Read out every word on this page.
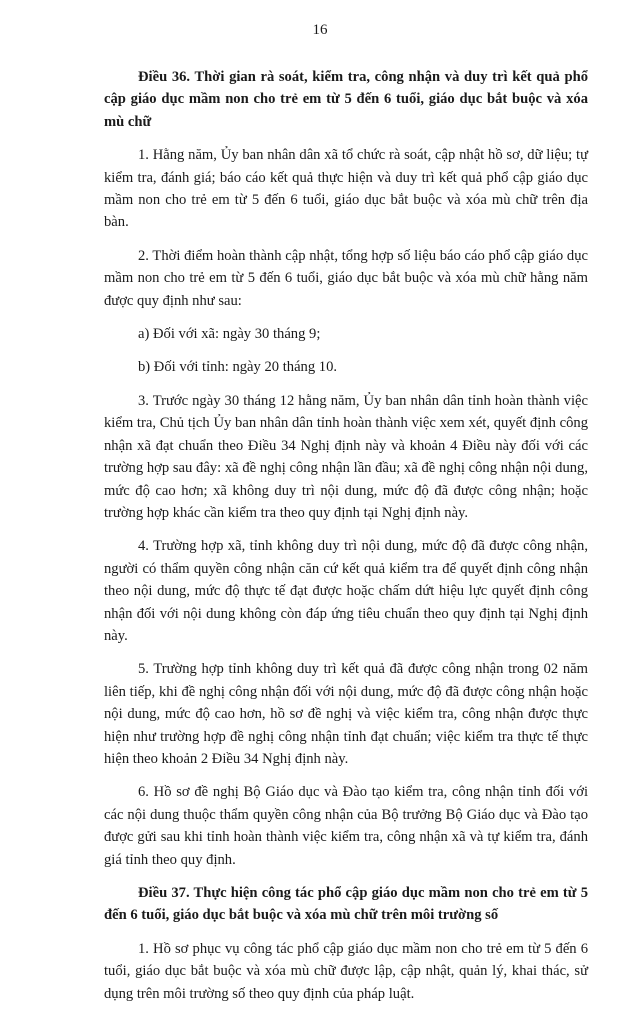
16
Điều 36. Thời gian rà soát, kiểm tra, công nhận và duy trì kết quả phổ cập giáo dục mầm non cho trẻ em từ 5 đến 6 tuổi, giáo dục bắt buộc và xóa mù chữ
1. Hằng năm, Ủy ban nhân dân xã tổ chức rà soát, cập nhật hồ sơ, dữ liệu; tự kiểm tra, đánh giá; báo cáo kết quả thực hiện và duy trì kết quả phổ cập giáo dục mầm non cho trẻ em từ 5 đến 6 tuổi, giáo dục bắt buộc và xóa mù chữ trên địa bàn.
2. Thời điểm hoàn thành cập nhật, tổng hợp số liệu báo cáo phổ cập giáo dục mầm non cho trẻ em từ 5 đến 6 tuổi, giáo dục bắt buộc và xóa mù chữ hằng năm được quy định như sau:
a) Đối với xã: ngày 30 tháng 9;
b) Đối với tỉnh: ngày 20 tháng 10.
3. Trước ngày 30 tháng 12 hằng năm, Ủy ban nhân dân tỉnh hoàn thành việc kiểm tra, Chủ tịch Ủy ban nhân dân tỉnh hoàn thành việc xem xét, quyết định công nhận xã đạt chuẩn theo Điều 34 Nghị định này và khoản 4 Điều này đối với các trường hợp sau đây: xã đề nghị công nhận lần đầu; xã đề nghị công nhận nội dung, mức độ cao hơn; xã không duy trì nội dung, mức độ đã được công nhận; hoặc trường hợp khác cần kiểm tra theo quy định tại Nghị định này.
4. Trường hợp xã, tỉnh không duy trì nội dung, mức độ đã được công nhận, người có thẩm quyền công nhận căn cứ kết quả kiểm tra để quyết định công nhận theo nội dung, mức độ thực tế đạt được hoặc chấm dứt hiệu lực quyết định công nhận đối với nội dung không còn đáp ứng tiêu chuẩn theo quy định tại Nghị định này.
5. Trường hợp tỉnh không duy trì kết quả đã được công nhận trong 02 năm liên tiếp, khi đề nghị công nhận đối với nội dung, mức độ đã được công nhận hoặc nội dung, mức độ cao hơn, hồ sơ đề nghị và việc kiểm tra, công nhận được thực hiện như trường hợp đề nghị công nhận tỉnh đạt chuẩn; việc kiểm tra thực tế thực hiện theo khoản 2 Điều 34 Nghị định này.
6. Hồ sơ đề nghị Bộ Giáo dục và Đào tạo kiểm tra, công nhận tỉnh đối với các nội dung thuộc thẩm quyền công nhận của Bộ trưởng Bộ Giáo dục và Đào tạo được gửi sau khi tỉnh hoàn thành việc kiểm tra, công nhận xã và tự kiểm tra, đánh giá tỉnh theo quy định.
Điều 37. Thực hiện công tác phổ cập giáo dục mầm non cho trẻ em từ 5 đến 6 tuổi, giáo dục bắt buộc và xóa mù chữ trên môi trường số
1. Hồ sơ phục vụ công tác phổ cập giáo dục mầm non cho trẻ em từ 5 đến 6 tuổi, giáo dục bắt buộc và xóa mù chữ được lập, cập nhật, quản lý, khai thác, sử dụng trên môi trường số theo quy định của pháp luật.
